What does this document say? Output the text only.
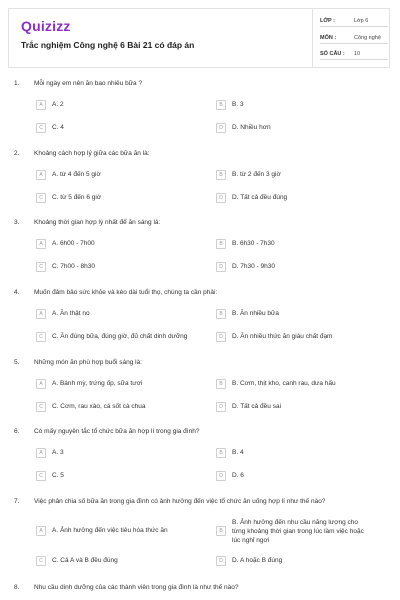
Quizizz
Trắc nghiệm Công nghệ 6 Bài 21 có đáp án
LỚP :	Lớp 6
MÔN :	Công nghệ
SỐ CÂU : 10
1. Mỗi ngày em nên ăn bao nhiêu bữa ?
A	A. 2	B	B. 3
C	C. 4	D	D. Nhiều hơn
2. Khoảng cách hợp lý giữa các bữa ăn là:
A	A. từ 4 đến 5 giờ	B	B. từ 2 đến 3 giờ
C	C. từ 5 đến 6 giờ	D	D. Tất cả đều đúng
3. Khoảng thời gian hợp lý nhất để ăn sáng là:
A	A. 6h00 - 7h00	B	B. 6h30 - 7h30
C	C. 7h00 - 8h30	D	D. 7h30 - 9h30
4. Muốn đảm bảo sức khỏe và kéo dài tuổi thọ, chúng ta cần phải:
A	A. Ăn thật no	B	B. Ăn nhiều bữa
C	C. Ăn đúng bữa, đúng giờ, đủ chất dinh dưỡng	D	D. Ăn nhiều thức ăn giàu chất đạm
5. Những món ăn phù hợp buổi sáng là:
A	A. Bánh mỳ, trứng ốp, sữa tươi	B	B. Cơm, thịt kho, canh rau, dưa hấu
C	C. Cơm, rau xào, cá sốt cà chua	D	D. Tất cả đều sai
6. Có mấy nguyên tắc tổ chức bữa ăn hợp lí trong gia đình?
A	A. 3	B	B. 4
C	C. 5	D	D. 6
7. Việc phân chia số bữa ăn trong gia đình có ảnh hưởng đến việc tổ chức ăn uống hợp lí như thế nào?
A	A. Ảnh hưởng đến việc tiêu hóa thức ăn	B
B. Ảnh hưởng đến nhu cầu năng lượng cho từng khoảng thời gian trong lúc làm việc hoặc lúc nghỉ ngơi
C	C. Cả A và B đều đúng	D	D. A hoặc B đúng
8. Nhu cầu dinh dưỡng của các thành viên trong gia đình là như thế nào?
